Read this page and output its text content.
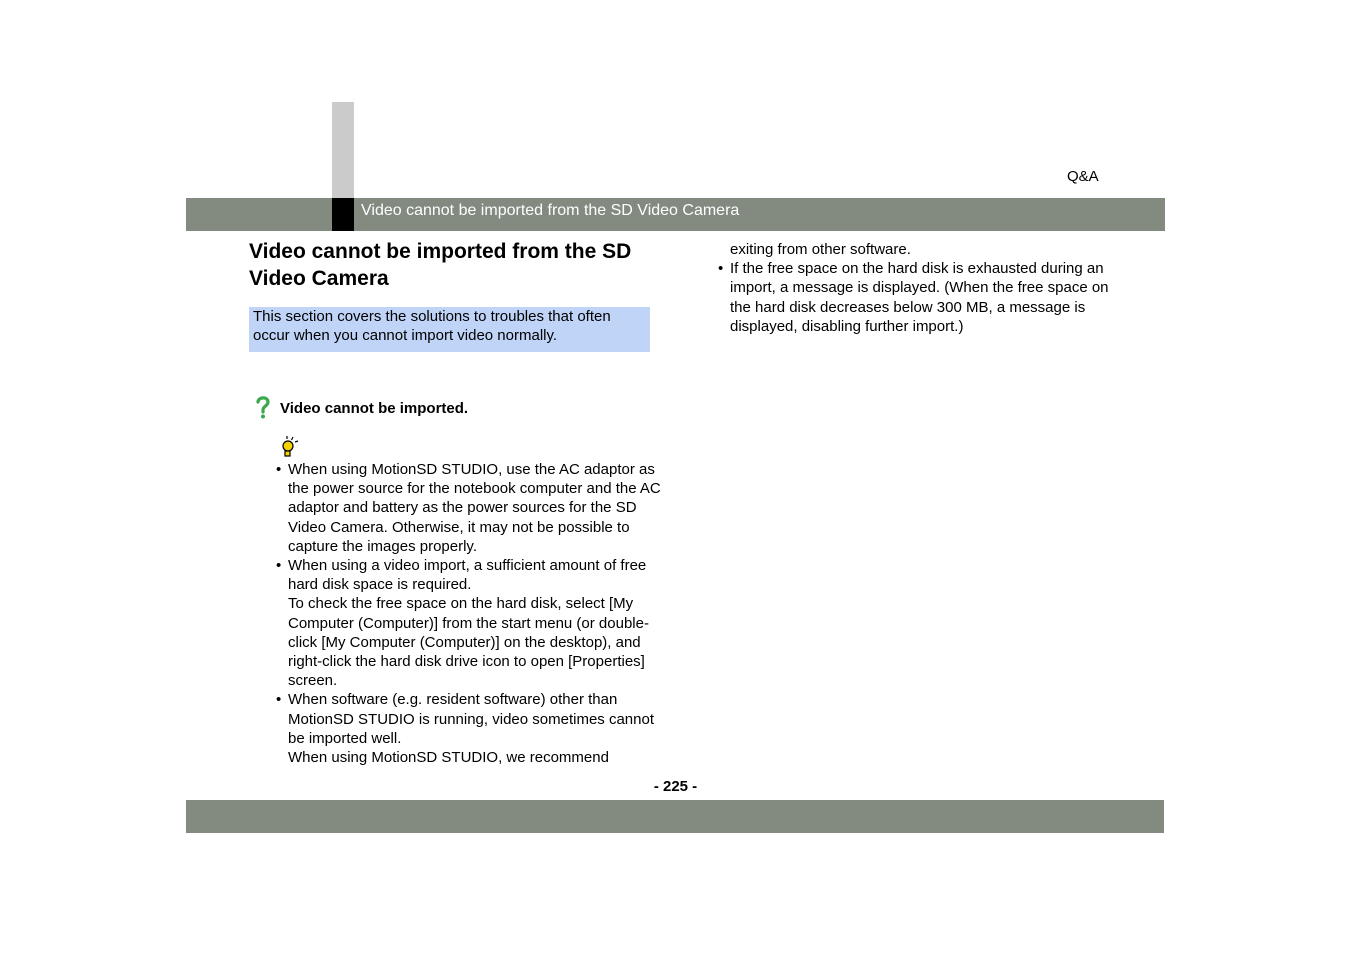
Video cannot be imported from the SD Video Camera
Q&A
Video cannot be imported from the SD Video Camera
This section covers the solutions to troubles that often occur when you cannot import video normally.
Video cannot be imported.
• When using MotionSD STUDIO, use the AC adaptor as the power source for the notebook computer and the AC adaptor and battery as the power sources for the SD Video Camera. Otherwise, it may not be possible to capture the images properly.
• When using a video import, a sufficient amount of free hard disk space is required.
To check the free space on the hard disk, select [My Computer (Computer)] from the start menu (or double-click [My Computer (Computer)] on the desktop), and right-click the hard disk drive icon to open [Properties] screen.
• When software (e.g. resident software) other than MotionSD STUDIO is running, video sometimes cannot be imported well.
When using MotionSD STUDIO, we recommend
exiting from other software.
• If the free space on the hard disk is exhausted during an import, a message is displayed. (When the free space on the hard disk decreases below 300 MB, a message is displayed, disabling further import.)
- 225 -
